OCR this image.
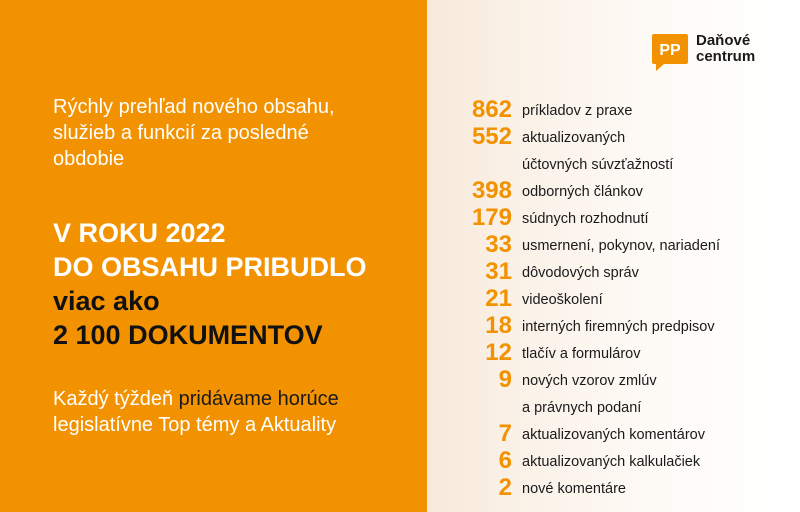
Rýchly prehľad nového obsahu,
služieb a funkcií za posledné
obdobie
V ROKU 2022
DO OBSAHU PRIBUDLO
viac ako
2 100 DOKUMENTOV
Každý týždeň pridávame horúce
legislatívne Top témy a Aktuality
PP
Daňové
centrum
862 príkladov z praxe
552 aktualizovaných
účtovných súvzťažností
398 odborných článkov
179 súdnych rozhodnutí
33 usmernení, pokynov, nariadení
31 dôvodových správ
21 videoškolení
18 interných firemných predpisov
12 tlačív a formulárov
9 nových vzorov zmlúv
a právnych podaní
7 aktualizovaných komentárov
6 aktualizovaných kalkulačiek
2 nové komentáre
